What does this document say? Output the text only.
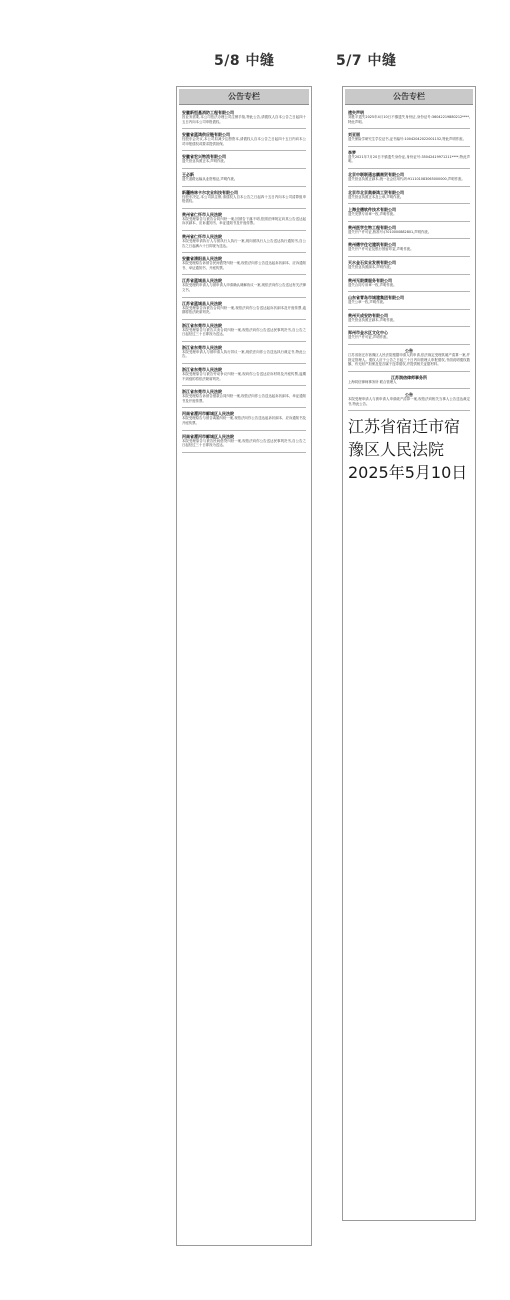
5/8 中缝	5/7 中缝
公告专栏
安徽新恒基消防工程有限公司
因业务需要,本公司依法办理公司注销手续,特此公告,请债权人自本公告之日起四十五日内向本公司申报债权。
安徽省蓝鸿供应链有限公司
经股东会决议,本公司拟减少注册资本,请债权人自本公告之日起四十五日内向本公司申报债权或要求提供担保。
安徽省宏兴物流有限公司
遗失营业执照正本,声明作废。
王必新
遗失道路运输从业资格证,声明作废。
新疆格林卡尔农业科技有限公司
经股东决定,本公司拟注销,请债权人自本公告之日起四十五日内向本公司清算组申报债权。
贵州省仁怀市人民法院
本院受理原告与被告合同纠纷一案,因被告下落不明,依照法律规定向其公告送达起诉状副本、应诉通知书、举证通知书及开庭传票。
贵州省仁怀市人民法院
本院受理申请执行人与被执行人执行一案,现向被执行人公告送达执行通知书,自公告之日起满六十日即视为送达。
安徽省清阳县人民法院
本院受理原告诉被告民间借贷纠纷一案,现依法向你公告送达起诉状副本、应诉通知书、举证通知书、开庭传票。
江苏省蓝城县人民法院
本院受理的申请人与被申请人申请确认调解协议一案,现依法向你公告送达有关法律文书。
江苏省蓝城县人民法院
本院受理原告诉被告合同纠纷一案,现依法向你公告送达起诉状副本及开庭传票,逾期将依法缺席判决。
浙江省东莞市人民法院
本院受理原告与被告买卖合同纠纷一案,现依法向你公告送达民事判决书,自公告之日起经过三十日即视为送达。
浙江省东莞市人民法院
本院受理申请人与被申请人执行异议一案,现依法向你公告送达执行裁定书,特此公告。
浙江省东莞市人民法院
本院受理原告与被告劳动争议纠纷一案,现向你公告送达应诉材料及开庭传票,逾期不到庭的将依法缺席判决。
浙江省东莞市人民法院
本院受理原告诉被告借款合同纠纷一案,现依法向你公告送达起诉状副本、举证通知书及开庭传票。
河南省漯河市郾城区人民法院
本院受理原告与被告离婚纠纷一案,现依法向你公告送达起诉状副本、应诉通知书及开庭传票。
河南省漯河市郾城区人民法院
本院受理原告与被告民间借贷纠纷一案,现依法向你公告送达民事判决书,自公告之日起经过三十日即视为送达。
公告专栏
遗失声明
刘胜平遗失2025年4月10日不慎遗失身份证,身份证号:36042219880212****,特此声明。
刘亚丽
遗失保险学研究生学位证书,证书编号:10042042022001152,特此声明作废。
李梦
遗失2021年7月20日不慎遗失身份证,身份证号:35042419971211****,特此声明。
北京中联联通志鹏商贸有限公司
遗失营业执照正副本,统一社会信用代码:911101083065000000,声明作废。
北京市北京奥泰鸿工贸有限公司
遗失营业执照正本及公章,声明作废。
上海全德软件技术有限公司
遗失发票专用章一枚,声明作废。
贵州医学生物工程有限公司
遗失开户许可证,核准号:J7010000882801,声明作废。
贵州德宇住宅建筑有限公司
遗失开户许可证及银行预留印鉴,声明作废。
天水金石实业发展有限公司
遗失营业执照副本,声明作废。
贵州无限康服务有限公司
遗失合同专用章一枚,声明作废。
山东省青岛市城建集团有限公司
遗失公章一枚,声明作废。
贵州天成安防有限公司
遗失营业执照正副本,声明作废。
郑州市金水区文化中心
遗失开户许可证,声明作废。
公告
江苏省宿迁市宿豫区人民法院根据申请人的申请,依法裁定受理其破产清算一案,并指定管理人。债权人应于公告之日起三十日内向管理人申报债权,书面说明债权数额、有无财产担保及是否属于连带债权,并提供相关证据材料。
江苏润信律师事务所
上海同信律师事务所 联合管理人
公告
本院受理申请人与被申请人申请破产清算一案,现依法向相关当事人公告送达裁定书,特此公告。
江苏省宿迁市宿豫区人民法院 2025年5月10日
